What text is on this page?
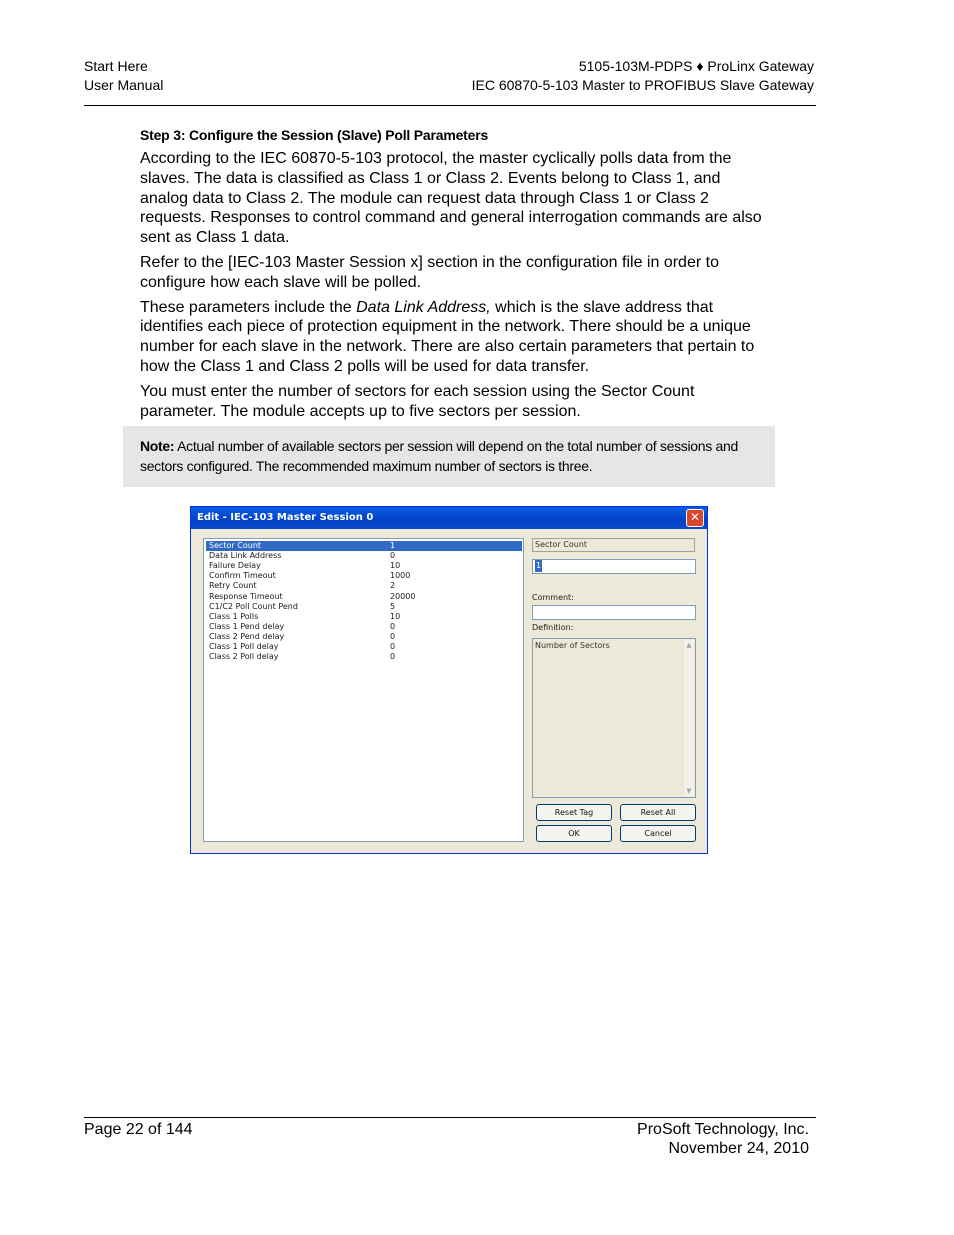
Start Here
User Manual
5105-103M-PDPS ♦ ProLinx Gateway
IEC 60870-5-103 Master to PROFIBUS Slave Gateway

Step 3: Configure the Session (Slave) Poll Parameters

According to the IEC 60870-5-103 protocol, the master cyclically polls data from the slaves. The data is classified as Class 1 or Class 2. Events belong to Class 1, and analog data to Class 2. The module can request data through Class 1 or Class 2 requests. Responses to control command and general interrogation commands are also sent as Class 1 data.

Refer to the [IEC-103 Master Session x] section in the configuration file in order to configure how each slave will be polled.

These parameters include the Data Link Address, which is the slave address that identifies each piece of protection equipment in the network. There should be a unique number for each slave in the network. There are also certain parameters that pertain to how the Class 1 and Class 2 polls will be used for data transfer.

You must enter the number of sectors for each session using the Sector Count parameter. The module accepts up to five sectors per session.

Note: Actual number of available sectors per session will depend on the total number of sessions and sectors configured. The recommended maximum number of sectors is three.
Edit - IEC-103 Master Session 0	✕
Sector Count	1
Data Link Address	0
Failure Delay	10
Confirm Timeout	1000
Retry Count	2
Response Timeout	20000
C1/C2 Poll Count Pend	5
Class 1 Polls	10
Class 1 Pend delay	0
Class 2 Pend delay	0
Class 1 Poll delay	0
Class 2 Poll delay	0
Sector Count
1
Comment:
Definition:
Number of Sectors	▲
▼
Reset Tag	Reset All
OK	Cancel
Page 22 of 144	ProSoft Technology, Inc.
November 24, 2010
